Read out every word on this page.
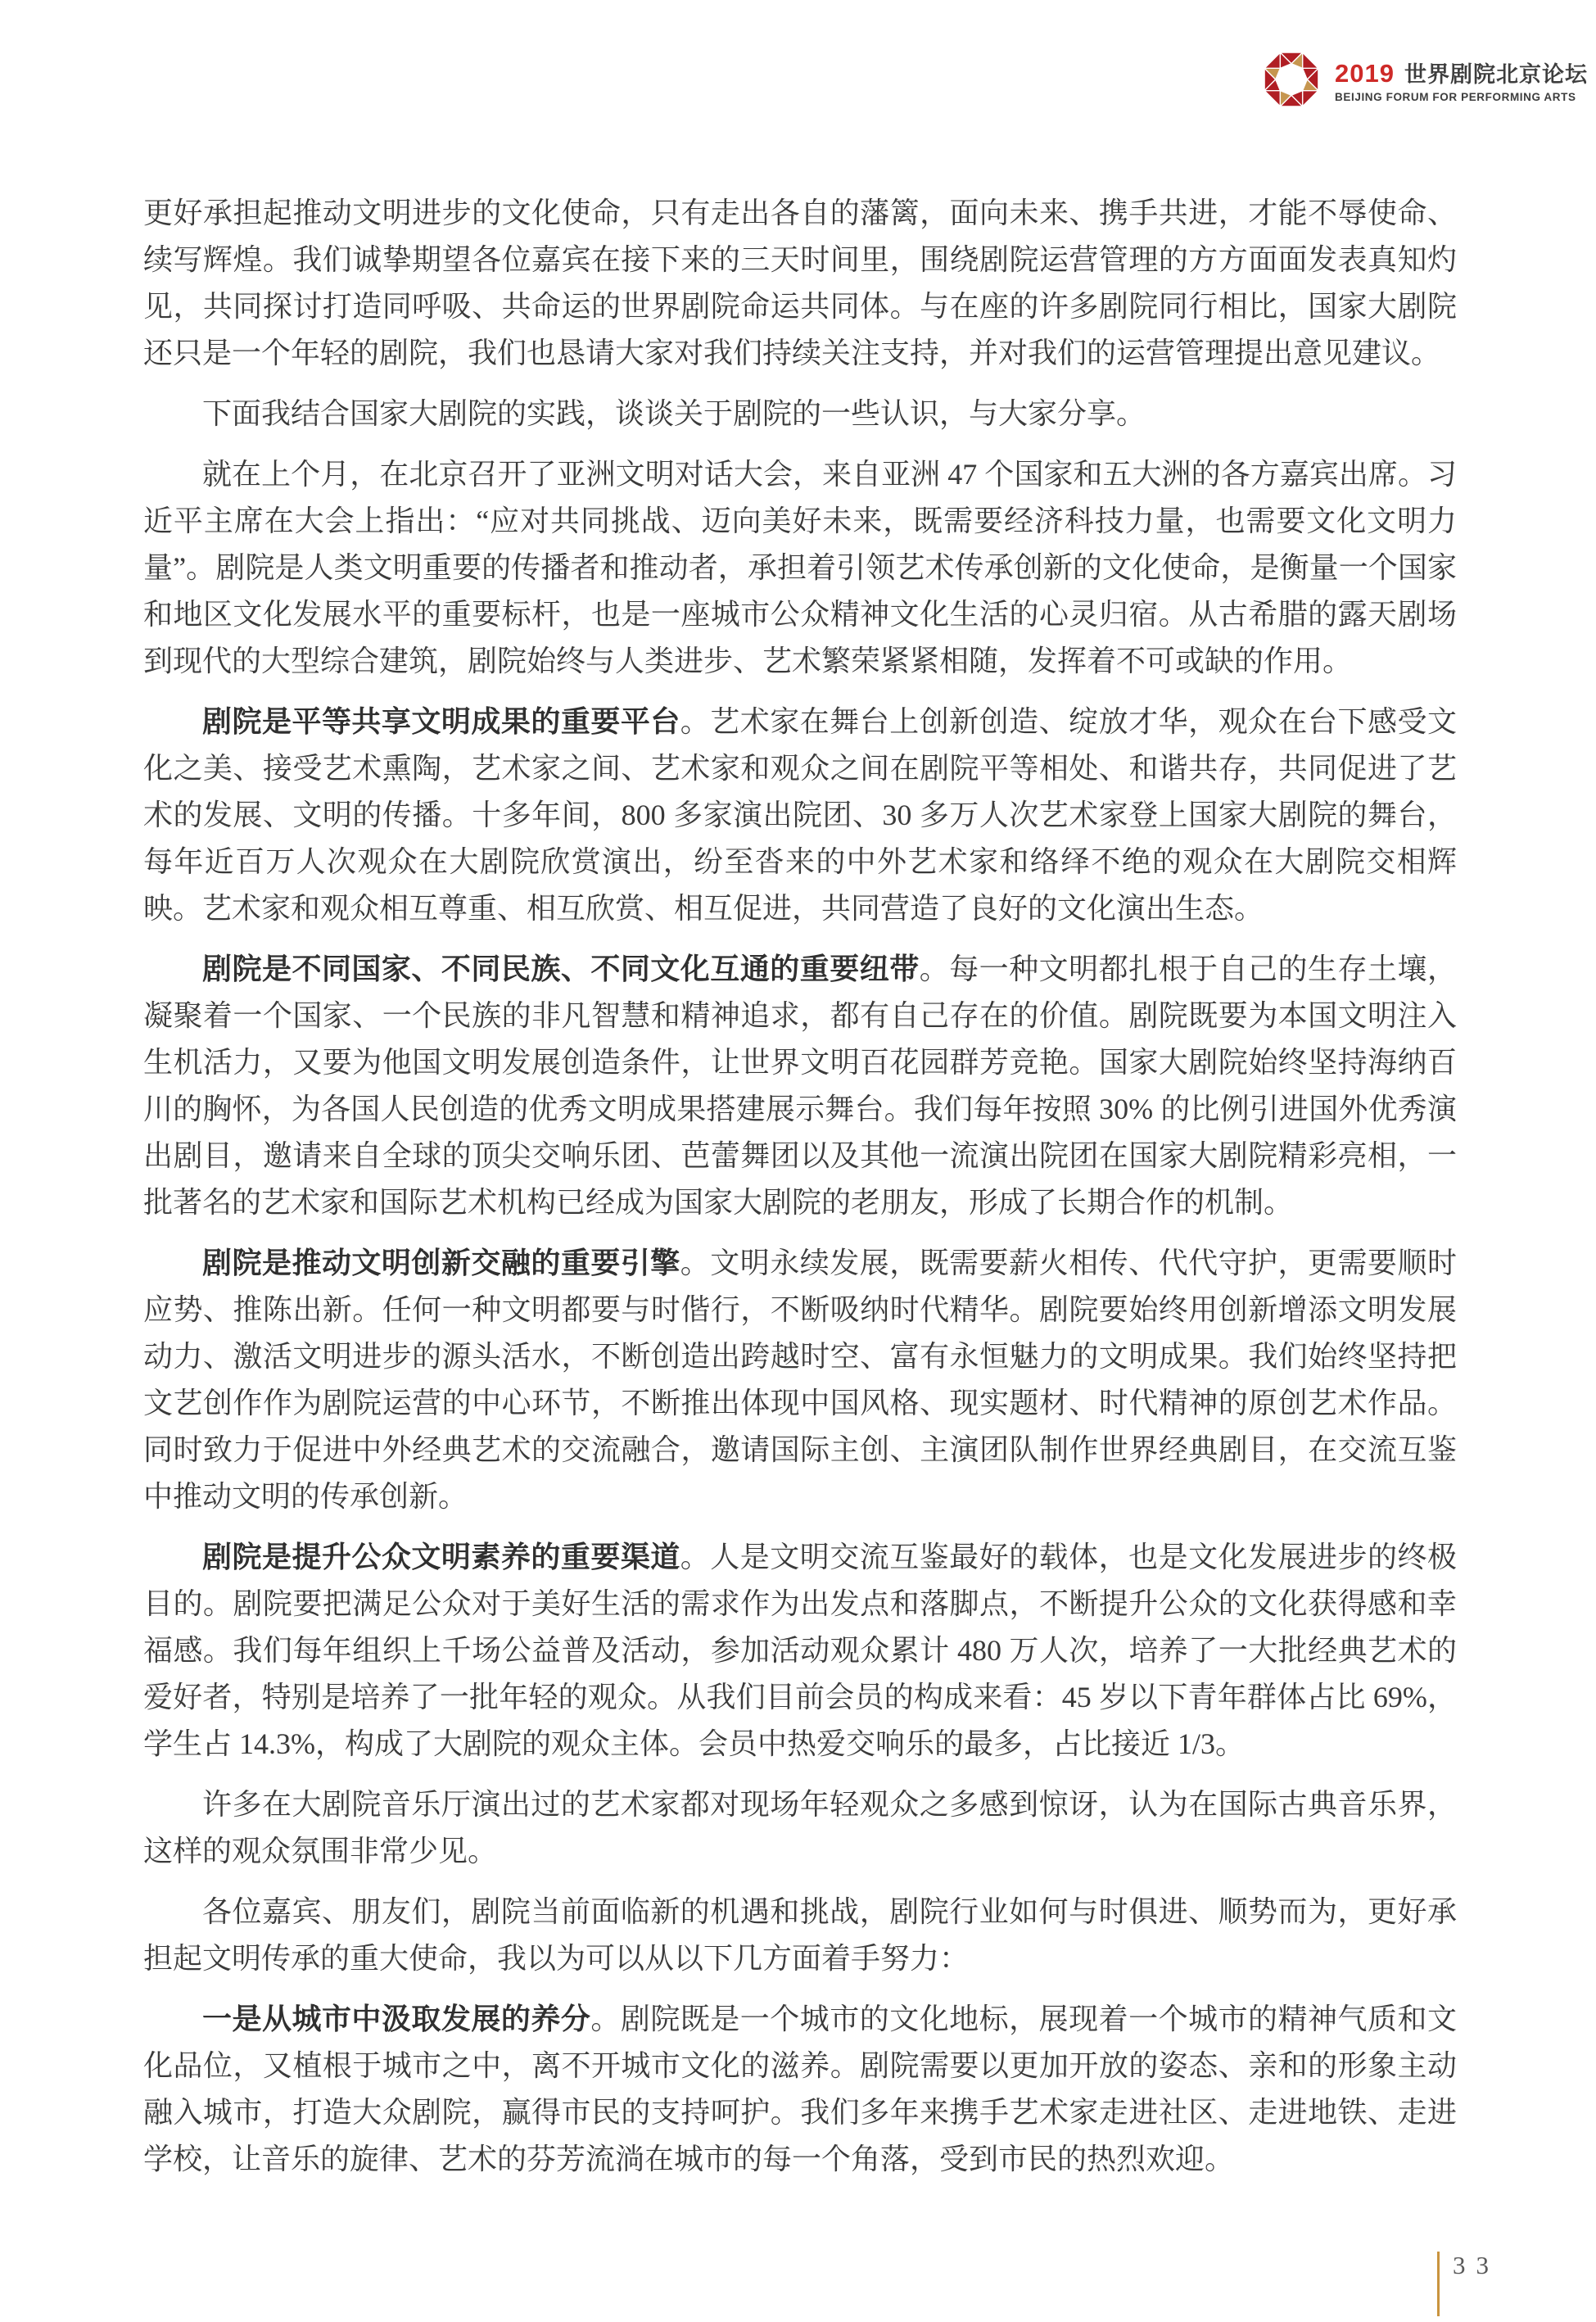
2019 世界剧院北京论坛
BEIJING FORUM FOR PERFORMING ARTS

更好承担起推动文明进步的文化使命，只有走出各自的藩篱，面向未来、携手共进，才能不辱使命、续写辉煌。我们诚挚期望各位嘉宾在接下来的三天时间里，围绕剧院运营管理的方方面面发表真知灼见，共同探讨打造同呼吸、共命运的世界剧院命运共同体。与在座的许多剧院同行相比，国家大剧院还只是一个年轻的剧院，我们也恳请大家对我们持续关注支持，并对我们的运营管理提出意见建议。

下面我结合国家大剧院的实践，谈谈关于剧院的一些认识，与大家分享。

就在上个月，在北京召开了亚洲文明对话大会，来自亚洲 47 个国家和五大洲的各方嘉宾出席。习近平主席在大会上指出：“应对共同挑战、迈向美好未来，既需要经济科技力量，也需要文化文明力量”。剧院是人类文明重要的传播者和推动者，承担着引领艺术传承创新的文化使命，是衡量一个国家和地区文化发展水平的重要标杆，也是一座城市公众精神文化生活的心灵归宿。从古希腊的露天剧场到现代的大型综合建筑，剧院始终与人类进步、艺术繁荣紧紧相随，发挥着不可或缺的作用。

剧院是平等共享文明成果的重要平台。艺术家在舞台上创新创造、绽放才华，观众在台下感受文化之美、接受艺术熏陶，艺术家之间、艺术家和观众之间在剧院平等相处、和谐共存，共同促进了艺术的发展、文明的传播。十多年间，800 多家演出院团、30 多万人次艺术家登上国家大剧院的舞台，每年近百万人次观众在大剧院欣赏演出，纷至沓来的中外艺术家和络绎不绝的观众在大剧院交相辉映。艺术家和观众相互尊重、相互欣赏、相互促进，共同营造了良好的文化演出生态。

剧院是不同国家、不同民族、不同文化互通的重要纽带。每一种文明都扎根于自己的生存土壤，凝聚着一个国家、一个民族的非凡智慧和精神追求，都有自己存在的价值。剧院既要为本国文明注入生机活力，又要为他国文明发展创造条件，让世界文明百花园群芳竞艳。国家大剧院始终坚持海纳百川的胸怀，为各国人民创造的优秀文明成果搭建展示舞台。我们每年按照 30% 的比例引进国外优秀演出剧目，邀请来自全球的顶尖交响乐团、芭蕾舞团以及其他一流演出院团在国家大剧院精彩亮相，一批著名的艺术家和国际艺术机构已经成为国家大剧院的老朋友，形成了长期合作的机制。

剧院是推动文明创新交融的重要引擎。文明永续发展，既需要薪火相传、代代守护，更需要顺时应势、推陈出新。任何一种文明都要与时偕行，不断吸纳时代精华。剧院要始终用创新增添文明发展动力、激活文明进步的源头活水，不断创造出跨越时空、富有永恒魅力的文明成果。我们始终坚持把文艺创作作为剧院运营的中心环节，不断推出体现中国风格、现实题材、时代精神的原创艺术作品。同时致力于促进中外经典艺术的交流融合，邀请国际主创、主演团队制作世界经典剧目，在交流互鉴中推动文明的传承创新。

剧院是提升公众文明素养的重要渠道。人是文明交流互鉴最好的载体，也是文化发展进步的终极目的。剧院要把满足公众对于美好生活的需求作为出发点和落脚点，不断提升公众的文化获得感和幸福感。我们每年组织上千场公益普及活动，参加活动观众累计 480 万人次，培养了一大批经典艺术的爱好者，特别是培养了一批年轻的观众。从我们目前会员的构成来看：45 岁以下青年群体占比 69%，学生占 14.3%，构成了大剧院的观众主体。会员中热爱交响乐的最多，占比接近 1/3。

许多在大剧院音乐厅演出过的艺术家都对现场年轻观众之多感到惊讶，认为在国际古典音乐界，这样的观众氛围非常少见。

各位嘉宾、朋友们，剧院当前面临新的机遇和挑战，剧院行业如何与时俱进、顺势而为，更好承担起文明传承的重大使命，我以为可以从以下几方面着手努力：

一是从城市中汲取发展的养分。剧院既是一个城市的文化地标，展现着一个城市的精神气质和文化品位，又植根于城市之中，离不开城市文化的滋养。剧院需要以更加开放的姿态、亲和的形象主动融入城市，打造大众剧院，赢得市民的支持呵护。我们多年来携手艺术家走进社区、走进地铁、走进学校，让音乐的旋律、艺术的芬芳流淌在城市的每一个角落，受到市民的热烈欢迎。

33
